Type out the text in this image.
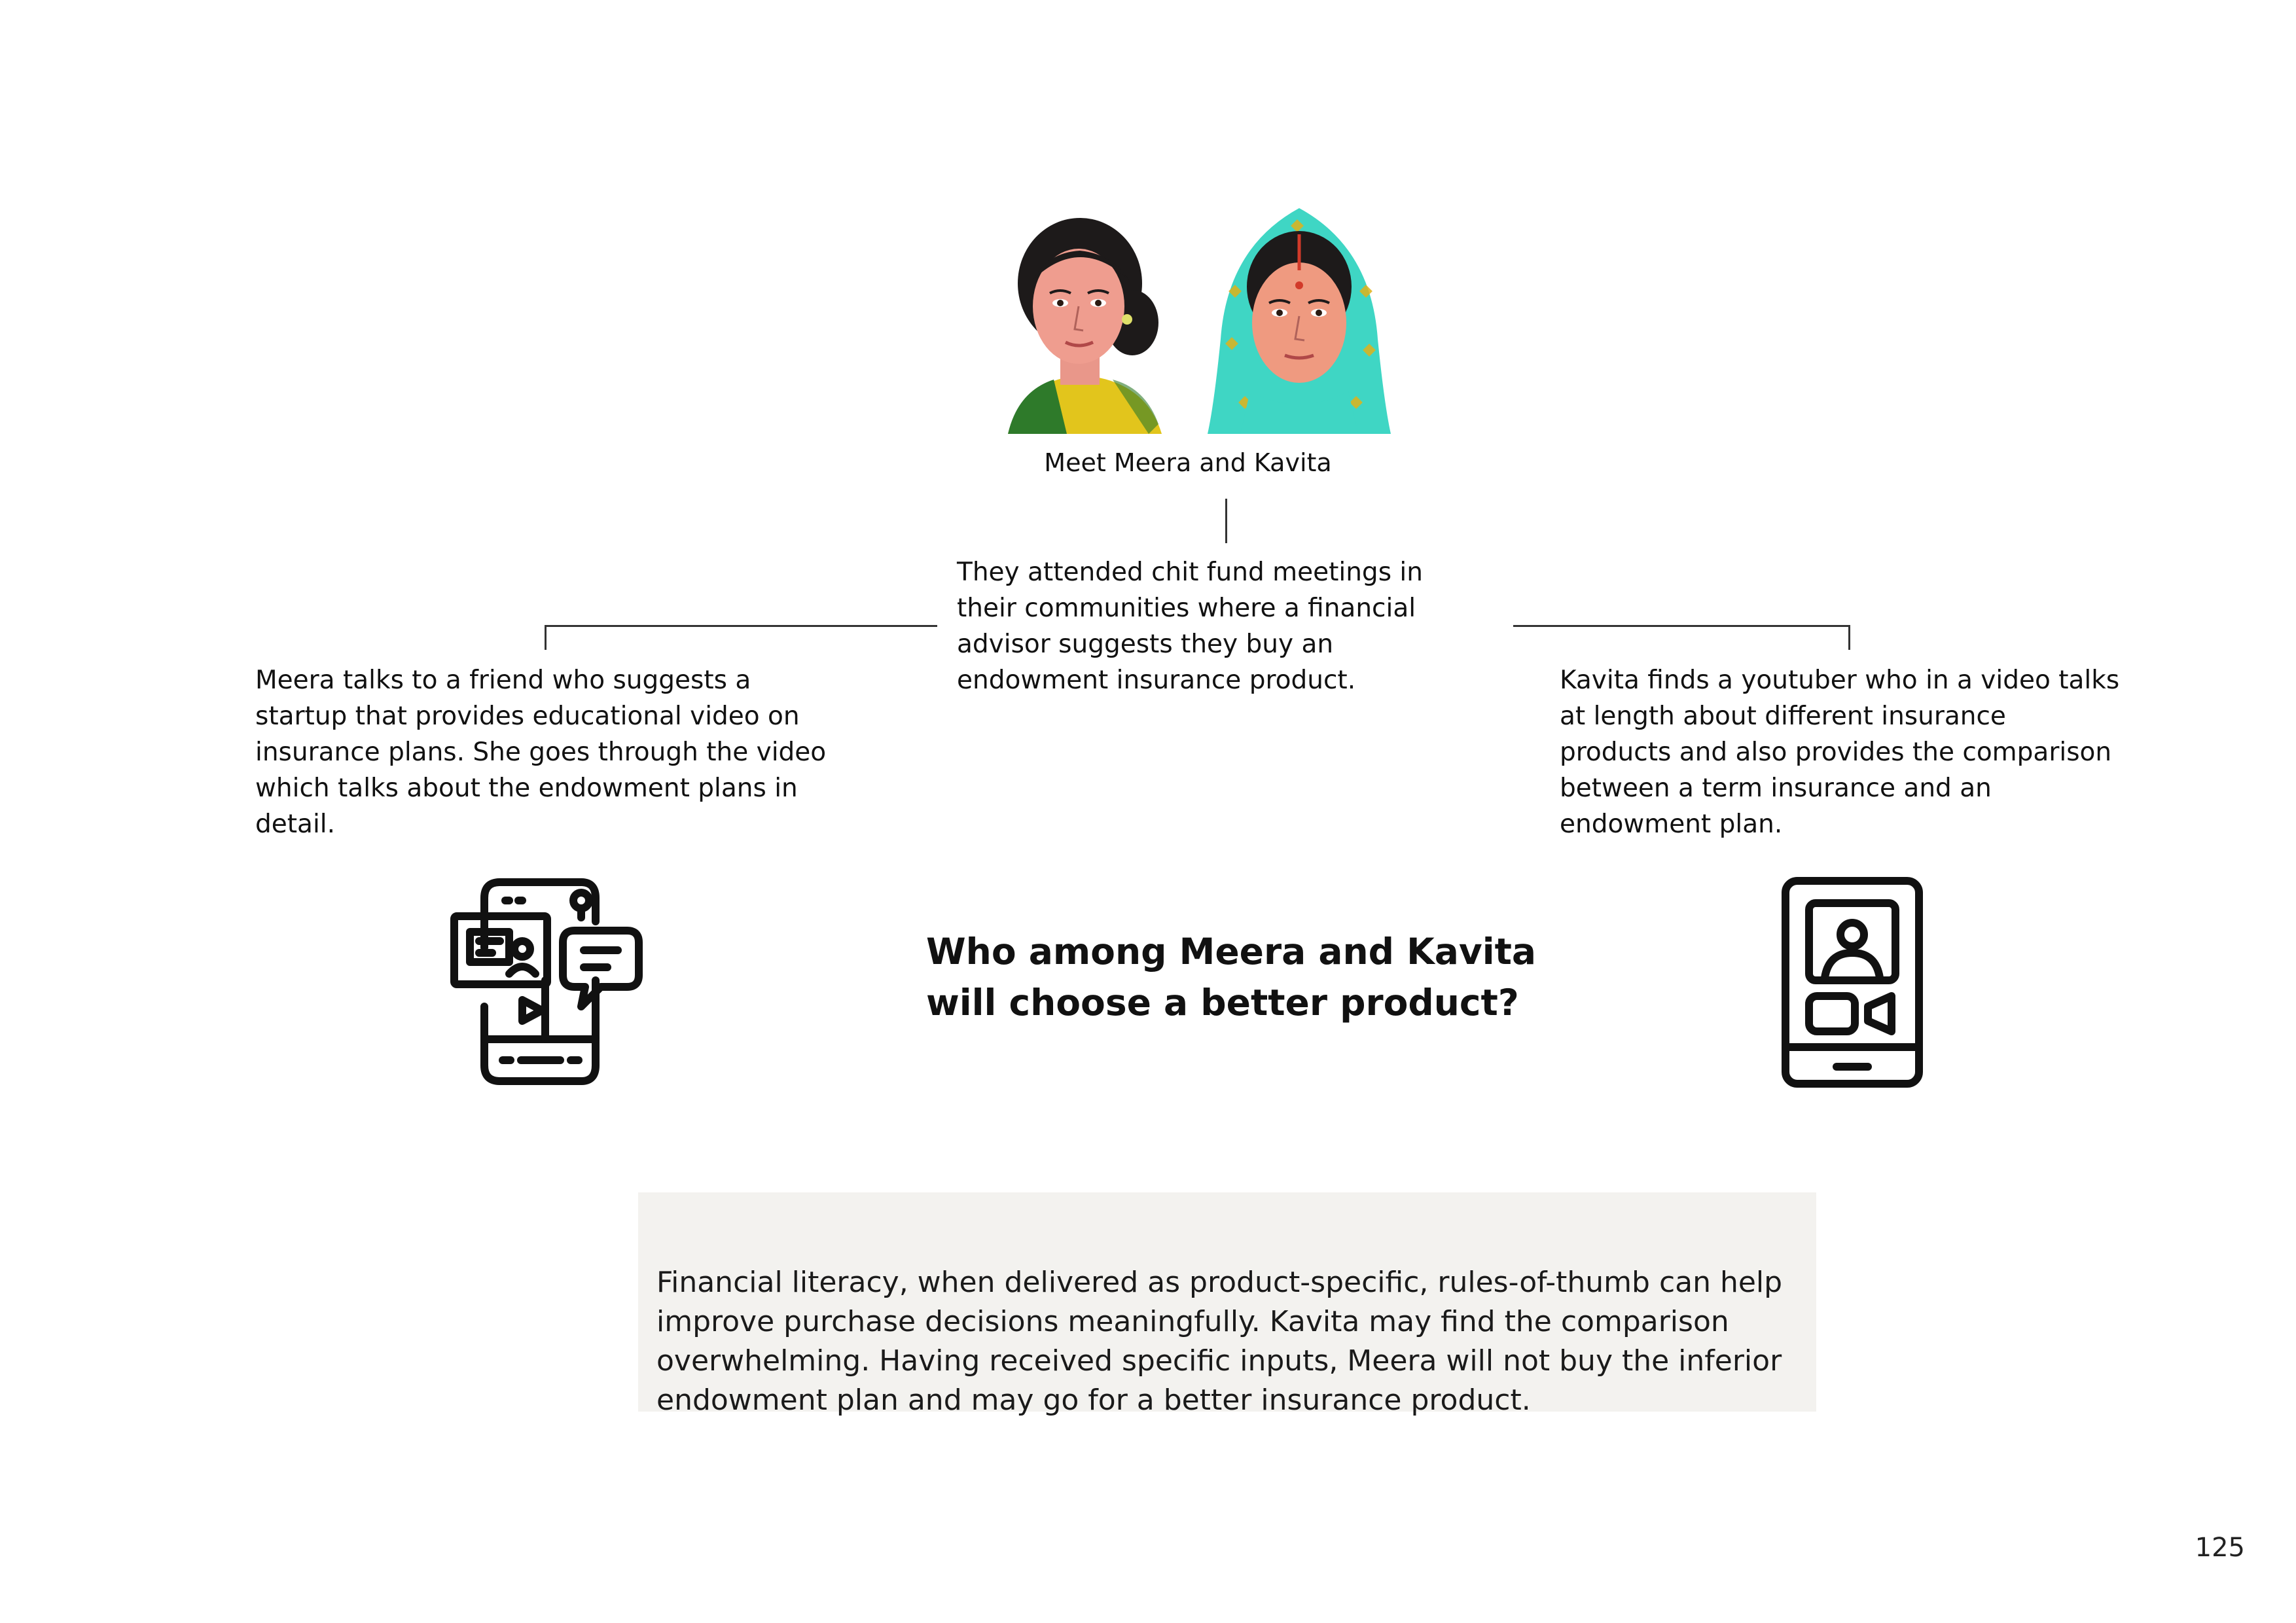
Meet Meera and Kavita
They attended chit fund meetings in
their communities where a financial
advisor suggests they buy an
endowment insurance product.
Meera talks to a friend who suggests a
startup that provides educational video on
insurance plans. She goes through the video
which talks about the endowment plans in
detail.
Kavita finds a youtuber who in a video talks
at length about different insurance
products and also provides the comparison
between a term insurance and an
endowment plan.
Who among Meera and Kavita
will choose a better product?

Financial literacy, when delivered as product-specific, rules-of-thumb can help
improve purchase decisions meaningfully. Kavita may find the comparison
overwhelming. Having received specific inputs, Meera will not buy the inferior
endowment plan and may go for a better insurance product.

125
